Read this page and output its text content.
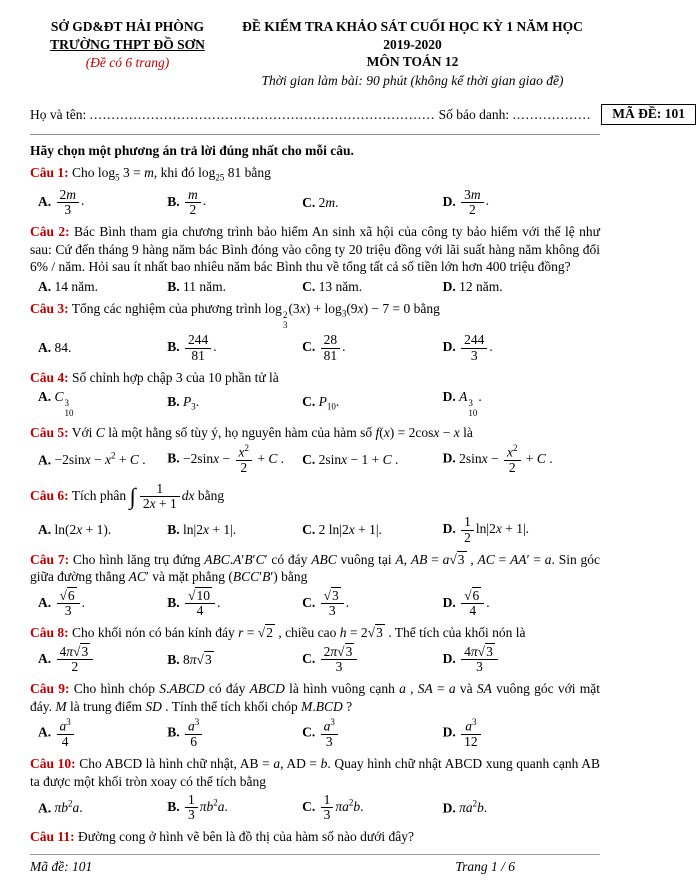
SỞ GD&ĐT HẢI PHÒNG
TRƯỜNG THPT ĐỒ SƠN
(Đề có 6 trang)
ĐỀ KIỂM TRA KHẢO SÁT CUỐI HỌC KỲ 1 NĂM HỌC 2019-2020
MÔN TOÁN 12
Thời gian làm bài: 90 phút (không kể thời gian giao đề)
Họ và tên: ............................................................................... Số báo danh: ..................	MÃ ĐỀ: 101
Hãy chọn một phương án trả lời đúng nhất cho mỗi câu.

Câu 1: Cho $\log_5 3 = m$, khi đó $\log_{25} 81$ bằng

A. $\frac{2m}{3}$ .	B. $\frac{m}{2}$ .	C. 2m.	D. $\frac{3m}{2}$ .

Câu 2: Bác Bình tham gia chương trình bảo hiểm An sinh xã hội của công ty bảo hiểm với thể lệ như sau: Cứ đến tháng 9 hàng năm bác Bình đóng vào công ty 20 triệu đồng với lãi suất hàng năm không đổi 6% / năm. Hỏi sau ít nhất bao nhiêu năm bác Bình thu về tổng tất cả số tiền lớn hơn 400 triệu đồng?

A. 14 năm.	B. 11 năm.	C. 13 năm.	D. 12 năm.

Câu 3: Tổng các nghiệm của phương trình log 2
3
$(3x) + \log_3(9x) - 7 = 0$ bằng

A. 84.	B. $\frac{244}{81}$ .	C. $\frac{28}{81}$ .	D. $\frac{244}{3}$ .

Câu 4: Số chỉnh hợp chập 3 của 10 phần tử là

A. C 3
10
B. $P_3$.	C. $P_{10}$.	D. A 3
10
.

Câu 5: Với C là một hằng số tùy ý, họ nguyên hàm của hàm số f(x) = 2cosx − x là

A. $-2\sin x - x^2 + C$ .	B. $-2\sin x - \frac{x^2}{2} + C$ .	C. 2sinx − 1 + C .	D. $2\sin x - \frac{x^2}{2} + C$ .

Câu 6: Tích phân ∫ $\frac{1}{2x + 1}$ dx bằng

A. ln(2x + 1).	B. ln|2x + 1|.	C. 2 ln|2x + 1|.	D. $\frac{1}{2} \ln|2x + 1|$.

Câu 7: Cho hình lăng trụ đứng ABC.A′B′C′ có đáy ABC vuông tại A, AB = a√3 , AC = AA′ = a. Sin góc giữa đường thẳng AC′ và mặt phẳng (BCC′B′) bằng

A. $\frac{√6}{3}$ .	B. $\frac{√10}{4}$ .	C. $\frac{√3}{3}$ .	D. $\frac{√6}{4}$ .

Câu 8: Cho khối nón có bán kính đáy r = √2 , chiều cao h = 2√3 . Thể tích của khối nón là

A. $\frac{4\pi√3}{2}$	B. 8π√3	C. $\frac{2\pi√3}{3}$	D. $\frac{4\pi√3}{3}$

Câu 9: Cho hình chóp S.ABCD có đáy ABCD là hình vuông cạnh a , SA = a và SA vuông góc với mặt đáy. M là trung điểm SD . Tính thể tích khối chóp M.BCD ?

A. $\frac{a^3}{4}$	B. $\frac{a^3}{6}$	C. $\frac{a^3}{3}$	D. $\frac{a^3}{12}$

Câu 10: Cho ABCD là hình chữ nhật, AB = a, AD = b. Quay hình chữ nhật ABCD xung quanh cạnh AB ta được một khối tròn xoay có thể tích bằng

A. $\pi b^2a$.	B. $\frac{1}{3} \pi b^2a$.	C. $\frac{1}{3} \pi a^2b$.	D. $\pi a^2b$.

Câu 11: Đường cong ở hình vẽ bên là đồ thị của hàm số nào dưới đây?

Mã đề: 101	Trang 1 / 6
